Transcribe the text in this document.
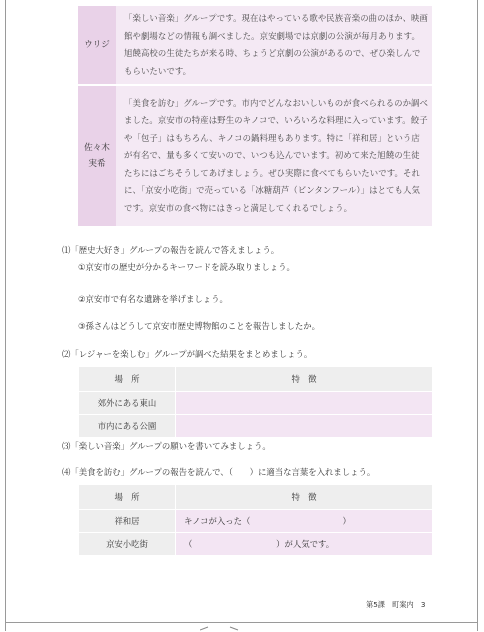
ウリジ	「楽しい音楽」グループです。現在はやっている歌や民族音楽の曲のほか、映画館や劇場などの情報も調べました。京安劇場では京劇の公演が毎月あります。旭饒高校の生徒たちが来る時、ちょうど京劇の公演があるので、ぜひ楽しんでもらいたいです。
佐々木
実希	「美食を訪む」グループです。市内でどんなおいしいものが食べられるのか調べました。京安市の特産は野生のキノコで、いろいろな料理に入っています。餃子や「包子」はもちろん、キノコの鍋料理もあります。特に「祥和居」という店が有名で、量も多くて安いので、いつも込んでいます。初めて来た旭饒の生徒たちにはごちそうしてあげましょう。ぜひ実際に食べてもらいたいです。それに、「京安小吃街」で売っている「冰糖葫芦（ビンタンフール）」はとても人気です。京安市の食べ物にはきっと満足してくれるでしょう。
⑴「歴史大好き」グループの報告を読んで答えましょう。
①京安市の歴史が分かるキーワードを読み取りましょう。
②京安市で有名な遺跡を挙げましょう。
③孫さんはどうして京安市歴史博物館のことを報告しましたか。
⑵「レジャーを楽しむ」グループが調べた結果をまとめましょう。
場　所	特　徴
郊外にある東山	
市内にある公園	
⑶「楽しい音楽」グループの願いを書いてみましょう。
⑷「美食を訪む」グループの報告を読んで、（　　）に適当な言葉を入れましょう。
場　所	特　徴
祥和居	キノコが入った（　　　　　　　　　　　）
京安小吃街	（　　　　　　　　　　）が人気です。
第5課　町案内　3
